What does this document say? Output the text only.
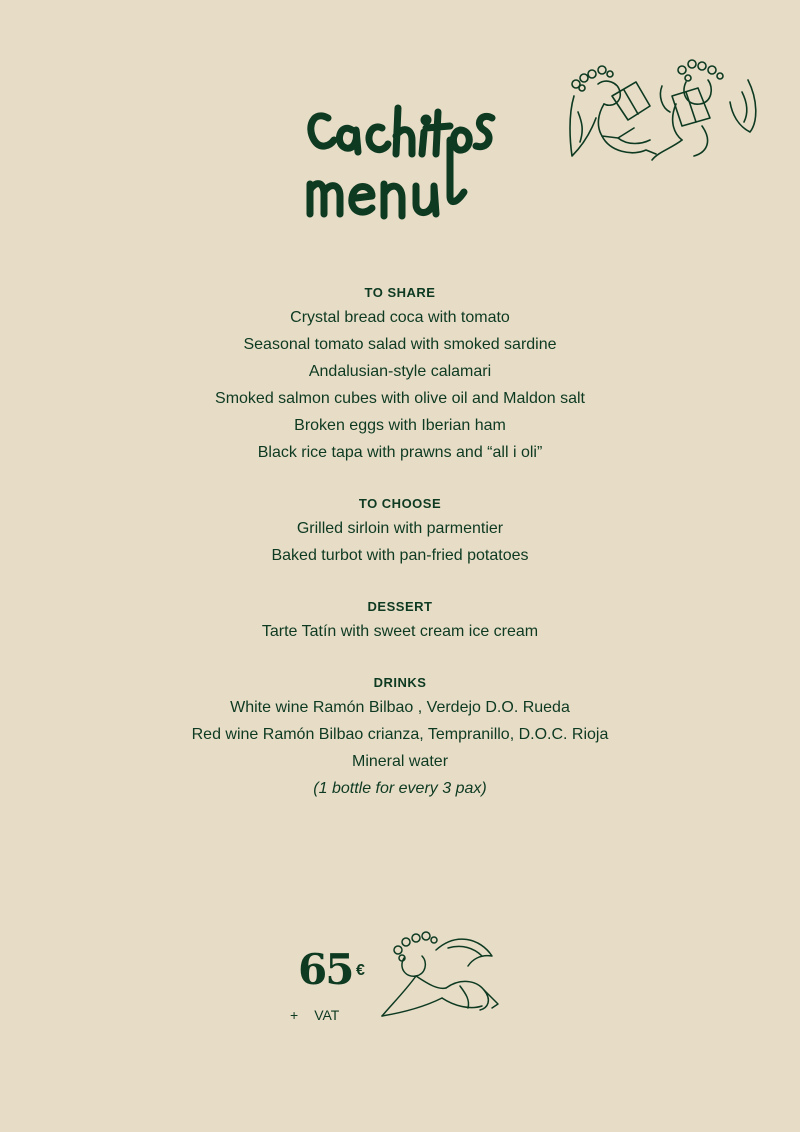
TO SHARE

Crystal bread coca with tomato

Seasonal tomato salad with smoked sardine

Andalusian-style calamari

Smoked salmon cubes with olive oil and Maldon salt

Broken eggs with Iberian ham

Black rice tapa with prawns and “all i oli”

TO CHOOSE

Grilled sirloin with parmentier

Baked turbot with pan-fried potatoes

DESSERT

Tarte Tatín with sweet cream ice cream

DRINKS

White wine Ramón Bilbao , Verdejo D.O. Rueda

Red wine Ramón Bilbao crianza, Tempranillo, D.O.C. Rioja

Mineral water

(1 bottle for every 3 pax)

65 €
+ VAT
